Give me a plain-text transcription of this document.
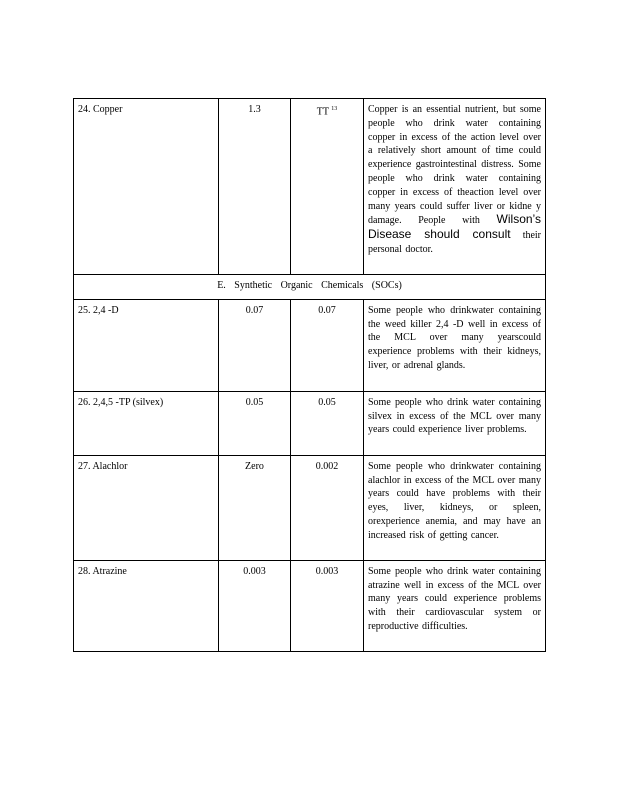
24. Copper	1.3	TT $^{13}$	Copper is an essential nutrient, but some people who drink water containing copper in excess of the action level over a relatively short amount of time could experience gastrointestinal distress. Some people who drink water containing copper in excess of theaction level over many years could suffer liver or kidne y damage. People with Wilson’s Disease should consult their personal doctor.
E. Synthetic Organic Chemicals (SOCs)			
25. 2,4 -D	0.07	0.07	Some people who drinkwater containing the weed killer 2,4 -D well in excess of the MCL over many yearscould experience problems with their kidneys, liver, or adrenal glands.
26. 2,4,5 -TP (silvex)	0.05	0.05	Some people who drink water containing silvex in excess of the MCL over many years could experience liver problems.
27. Alachlor	Zero	0.002	Some people who drinkwater containing alachlor in excess of the MCL over many years could have problems with their eyes, liver, kidneys, or spleen, orexperience anemia, and may have an increased risk of getting cancer.
28. Atrazine	0.003	0.003	Some people who drink water containing atrazine well in excess of the MCL over many years could experience problems with their cardiovascular system or reproductive difficulties.
